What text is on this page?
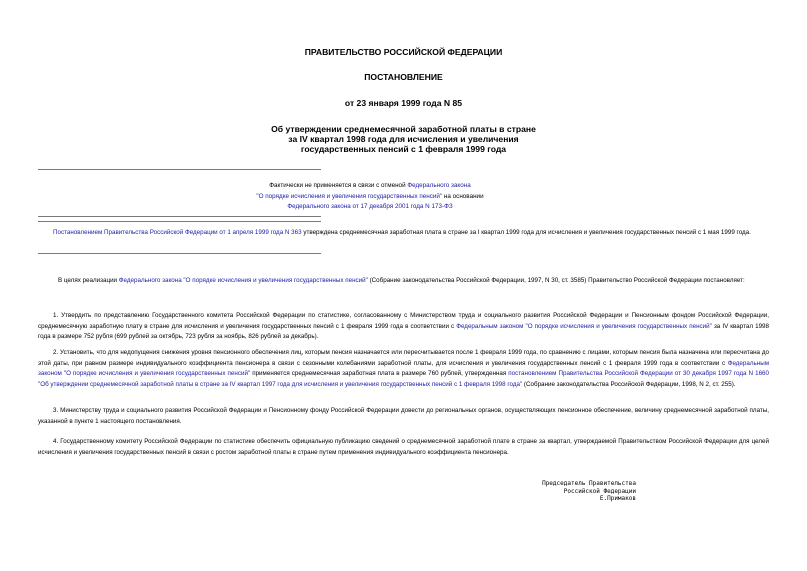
ПРАВИТЕЛЬСТВО РОССИЙСКОЙ ФЕДЕРАЦИИ
ПОСТАНОВЛЕНИЕ
от 23 января 1999 года N 85
Об утверждении среднемесячной заработной платы в стране
за IV квартал 1998 года для исчисления и увеличения
государственных пенсий с 1 февраля 1999 года
Фактически не применяется в связи с отменой Федерального закона
"О порядке исчисления и увеличения государственных пенсий" на основании
Федерального закона от 17 декабря 2001 года N 173-ФЗ
Постановлением Правительства Российской Федерации от 1 апреля 1999 года N 363 утверждена среднемесячная заработная плата в стране за I квартал 1999 года для исчисления и увеличения государственных пенсий с 1 мая 1999 года.
В целях реализации Федерального закона "О порядке исчисления и увеличения государственных пенсий" (Собрание законодательства Российской Федерации, 1997, N 30, ст. 3585) Правительство Российской Федерации постановляет:
1. Утвердить по представлению Государственного комитета Российской Федерации по статистике, согласованному с Министерством труда и социального развития Российской Федерации и Пенсионным фондом Российской Федерации, среднемесячную заработную плату в стране для исчисления и увеличения государственных пенсий с 1 февраля 1999 года в соответствии с Федеральным законом "О порядке исчисления и увеличения государственных пенсий" за IV квартал 1998 года в размере 752 рубля (699 рублей за октябрь, 723 рубля за ноябрь, 826 рублей за декабрь).
2. Установить, что для недопущения снижения уровня пенсионного обеспечения лиц, которым пенсия назначается или пересчитывается после 1 февраля 1999 года, по сравнению с лицами, которым пенсия была назначена или пересчитана до этой даты, при равном размере индивидуального коэффициента пенсионера в связи с сезонными колебаниями заработной платы, для исчисления и увеличения государственных пенсий с 1 февраля 1999 года в соответствии с Федеральным законом "О порядке исчисления и увеличения государственных пенсий" применяется среднемесячная заработная плата в размере 760 рублей, утвержденная постановлением Правительства Российской Федерации от 30 декабря 1997 года N 1660 "Об утверждении среднемесячной заработной платы в стране за IV квартал 1997 года для исчисления и увеличения государственных пенсий с 1 февраля 1998 года" (Собрание законодательства Российской Федерации, 1998, N 2, ст. 255).
3. Министерству труда и социального развития Российской Федерации и Пенсионному фонду Российской Федерации довести до региональных органов, осуществляющих пенсионное обеспечение, величину среднемесячной заработной платы, указанной в пункте 1 настоящего постановления.
4. Государственному комитету Российской Федерации по статистике обеспечить официальную публикацию сведений о среднемесячной заработной плате в стране за квартал, утверждаемой Правительством Российской Федерации для целей исчисления и увеличения государственных пенсий в связи с ростом заработной платы в стране путем применения индивидуального коэффициента пенсионера.
Председатель Правительства
Российской Федерации
Е.Примаков
